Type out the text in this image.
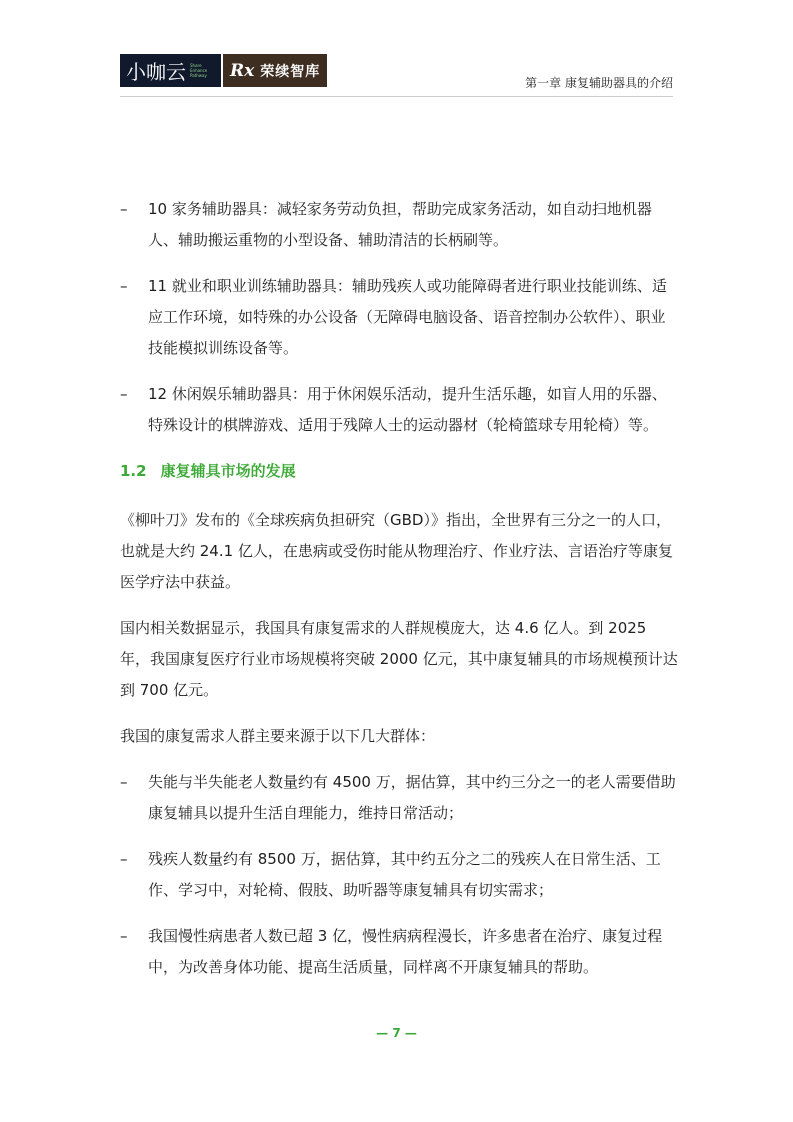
小咖云 Share
Enhance
Pathway Rx 荣续智库
第一章 康复辅助器具的介绍
– 10 家务辅助器具：减轻家务劳动负担，帮助完成家务活动，如自动扫地机器人、辅助搬运重物的小型设备、辅助清洁的长柄刷等。
– 11 就业和职业训练辅助器具：辅助残疾人或功能障碍者进行职业技能训练、适应工作环境，如特殊的办公设备（无障碍电脑设备、语音控制办公软件）、职业技能模拟训练设备等。
– 12 休闲娱乐辅助器具：用于休闲娱乐活动，提升生活乐趣，如盲人用的乐器、特殊设计的棋牌游戏、适用于残障人士的运动器材（轮椅篮球专用轮椅）等。
1.2 康复辅具市场的发展

《柳叶刀》发布的《全球疾病负担研究（GBD）》指出，全世界有三分之一的人口，也就是大约 24.1 亿人，在患病或受伤时能从物理治疗、作业疗法、言语治疗等康复医学疗法中获益。

国内相关数据显示，我国具有康复需求的人群规模庞大，达 4.6 亿人。到 2025 年，我国康复医疗行业市场规模将突破 2000 亿元，其中康复辅具的市场规模预计达到 700 亿元。

我国的康复需求人群主要来源于以下几大群体：

– 失能与半失能老人数量约有 4500 万，据估算，其中约三分之一的老人需要借助康复辅具以提升生活自理能力，维持日常活动；
– 残疾人数量约有 8500 万，据估算，其中约五分之二的残疾人在日常生活、工作、学习中，对轮椅、假肢、助听器等康复辅具有切实需求；
– 我国慢性病患者人数已超 3 亿，慢性病病程漫长，许多患者在治疗、康复过程中，为改善身体功能、提高生活质量，同样离不开康复辅具的帮助。
— 7 —
